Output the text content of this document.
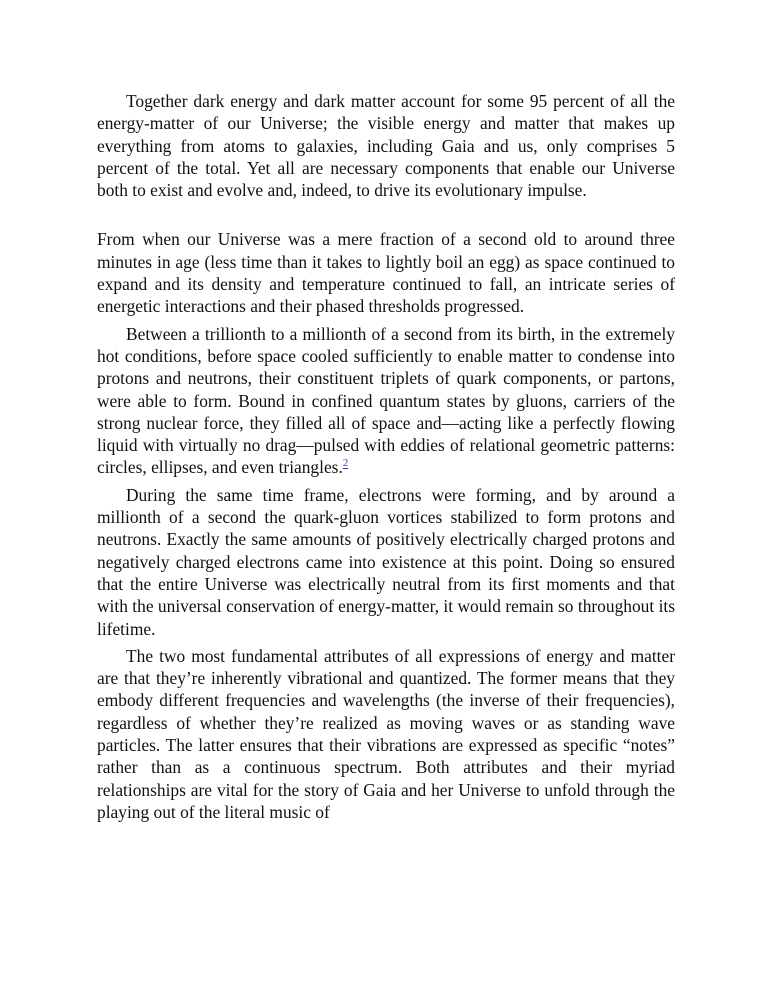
Together dark energy and dark matter account for some 95 percent of all the energy-matter of our Universe; the visible energy and matter that makes up everything from atoms to galaxies, including Gaia and us, only comprises 5 percent of the total. Yet all are necessary components that enable our Universe both to exist and evolve and, indeed, to drive its evolutionary impulse.

From when our Universe was a mere fraction of a second old to around three minutes in age (less time than it takes to lightly boil an egg) as space continued to expand and its density and temperature continued to fall, an intricate series of energetic interactions and their phased thresholds progressed.

Between a trillionth to a millionth of a second from its birth, in the extremely hot conditions, before space cooled sufficiently to enable matter to condense into protons and neutrons, their constituent triplets of quark components, or partons, were able to form. Bound in confined quantum states by gluons, carriers of the strong nuclear force, they filled all of space and—acting like a perfectly flowing liquid with virtually no drag—pulsed with eddies of relational geometric patterns: circles, ellipses, and even triangles.$^2$

During the same time frame, electrons were forming, and by around a millionth of a second the quark-gluon vortices stabilized to form protons and neutrons. Exactly the same amounts of positively electrically charged protons and negatively charged electrons came into existence at this point. Doing so ensured that the entire Universe was electrically neutral from its first moments and that with the universal conservation of energy-matter, it would remain so throughout its lifetime.

The two most fundamental attributes of all expressions of energy and matter are that they’re inherently vibrational and quantized. The former means that they embody different frequencies and wavelengths (the inverse of their frequencies), regardless of whether they’re realized as moving waves or as standing wave particles. The latter ensures that their vibrations are expressed as specific “notes” rather than as a continuous spectrum. Both attributes and their myriad relationships are vital for the story of Gaia and her Universe to unfold through the playing out of the literal music of
